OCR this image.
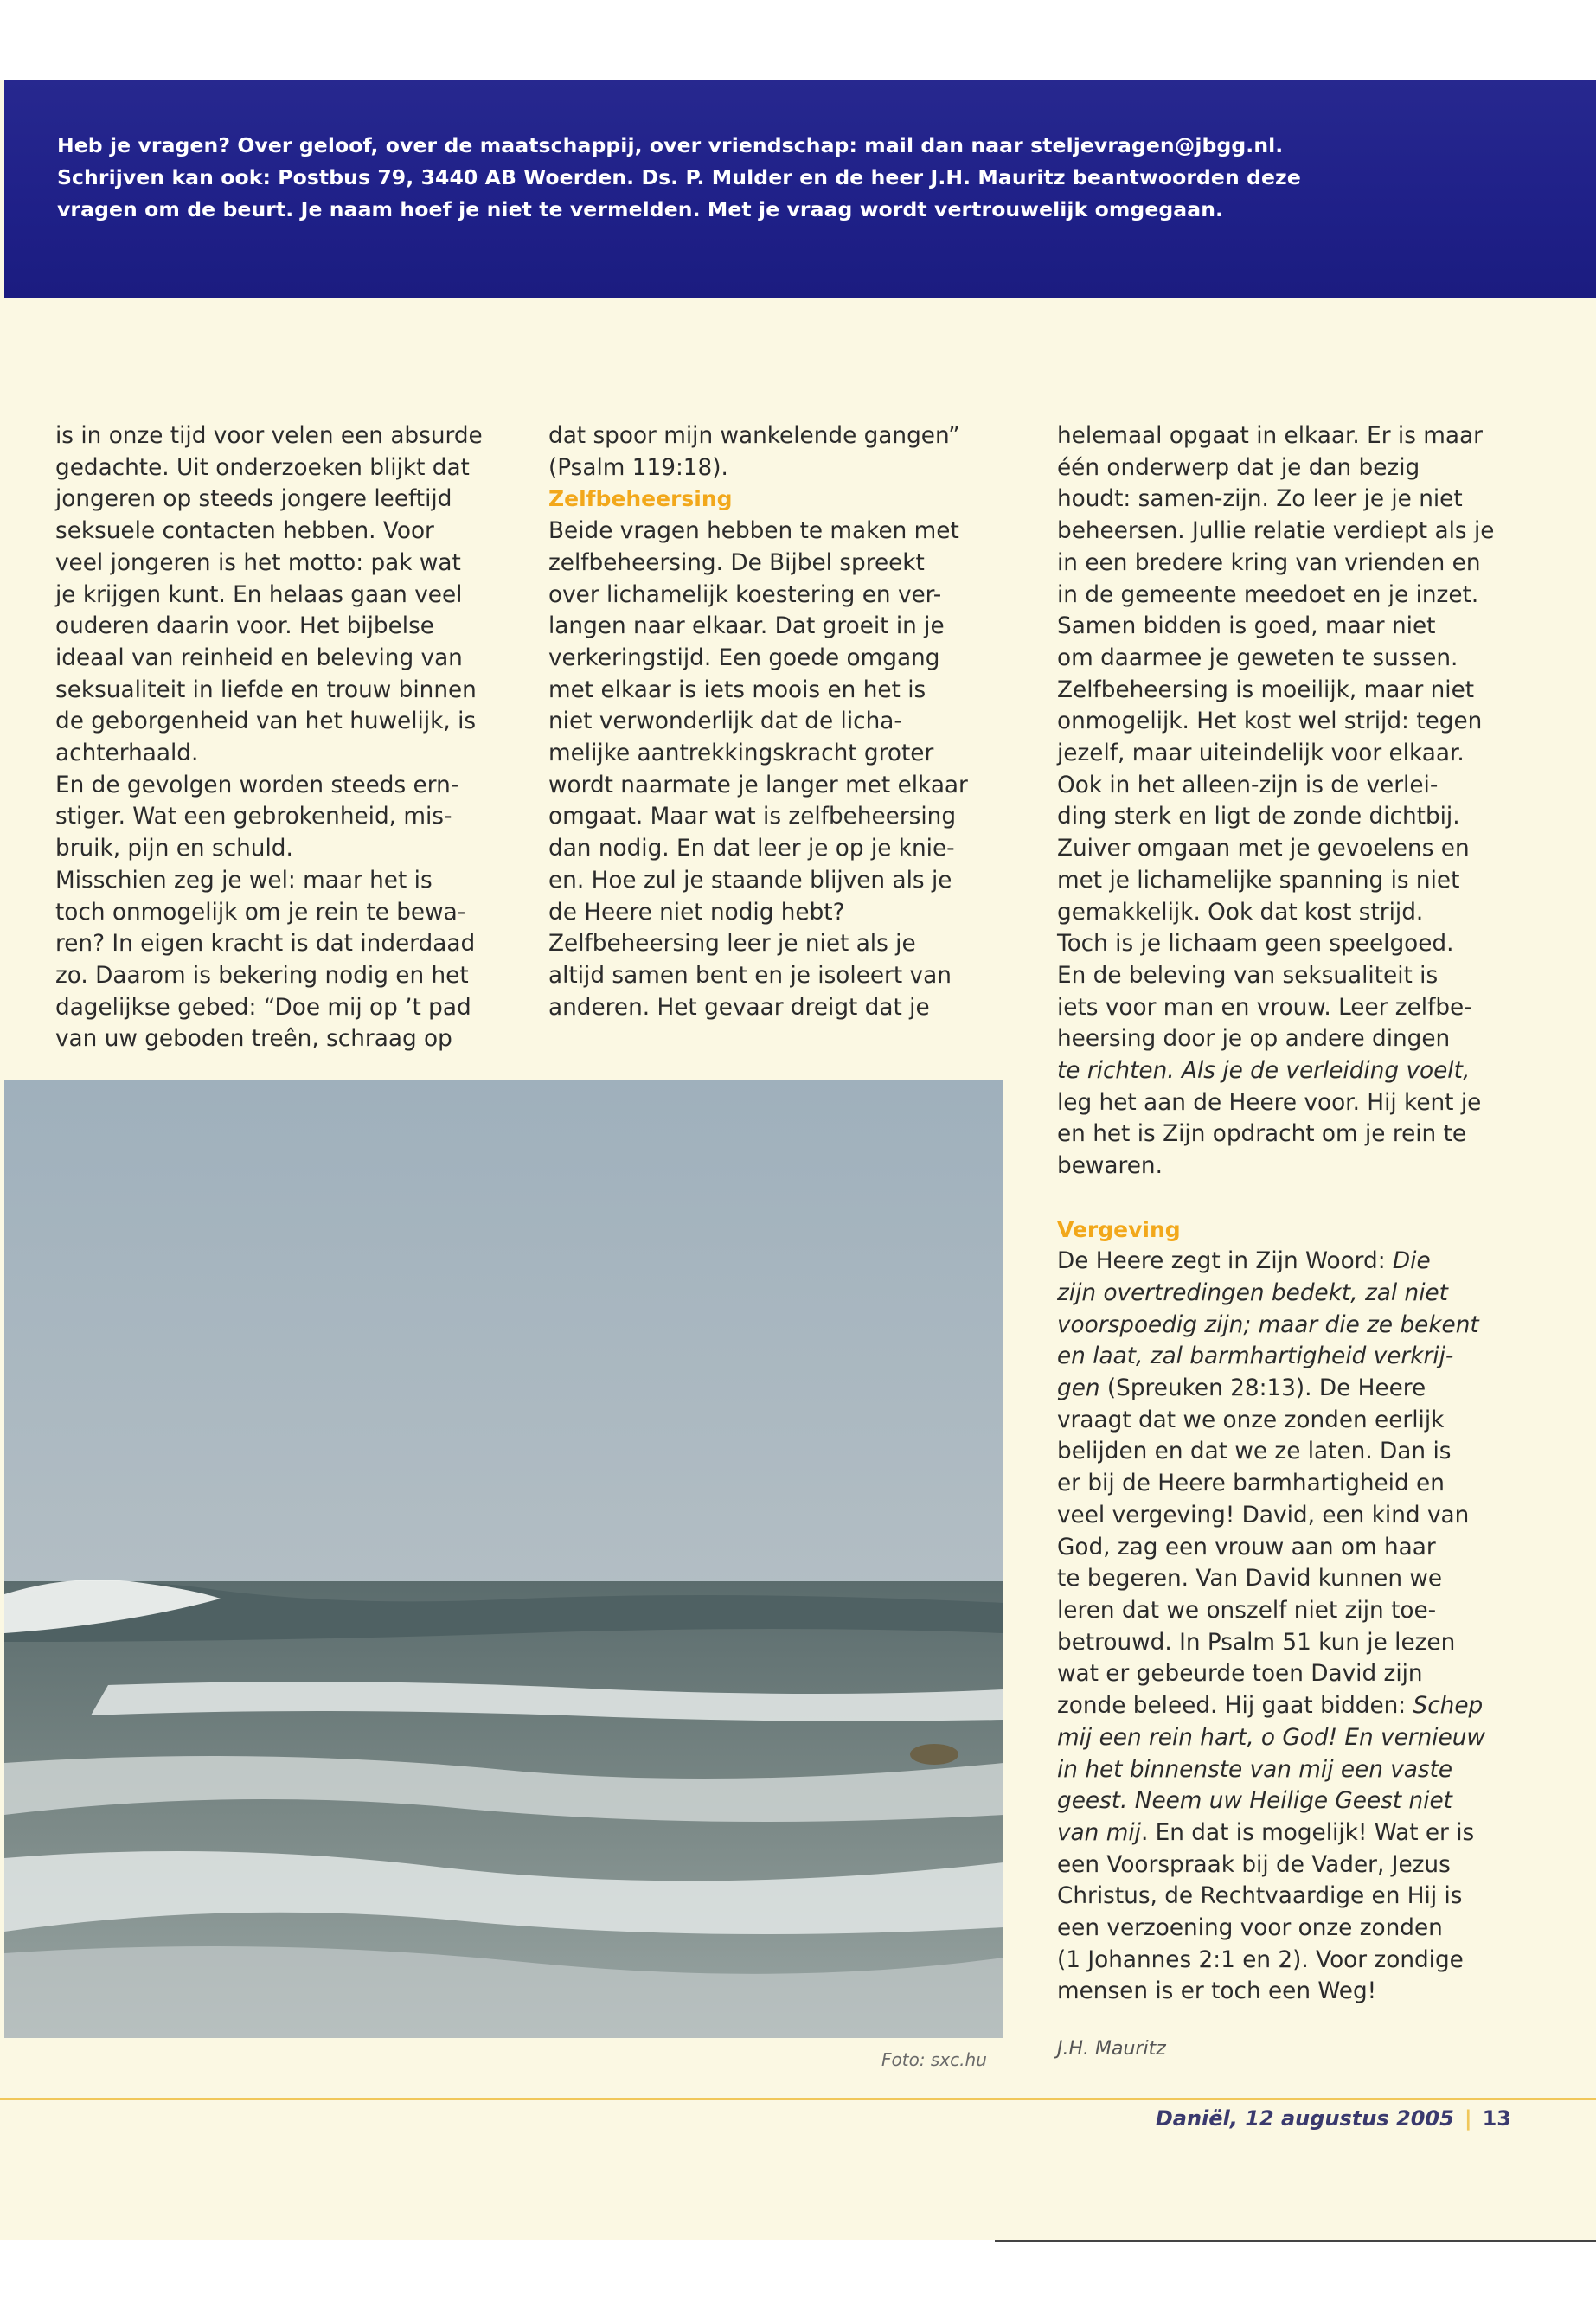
Heb je vragen? Over geloof, over de maatschappij, over vriendschap: mail dan naar steljevragen@jbgg.nl.
Schrijven kan ook: Postbus 79, 3440 AB Woerden. Ds. P. Mulder en de heer J.H. Mauritz beantwoorden deze
vragen om de beurt. Je naam hoef je niet te vermelden. Met je vraag wordt vertrouwelijk omgegaan.

is in onze tijd voor velen een absurde

gedachte. Uit onderzoeken blijkt dat

jongeren op steeds jongere leeftijd

seksuele contacten hebben. Voor

veel jongeren is het motto: pak wat

je krijgen kunt. En helaas gaan veel

ouderen daarin voor. Het bijbelse

ideaal van reinheid en beleving van

seksualiteit in liefde en trouw binnen

de geborgenheid van het huwelijk, is

achterhaald.

En de gevolgen worden steeds ern-

stiger. Wat een gebrokenheid, mis-

bruik, pijn en schuld.

Misschien zeg je wel: maar het is

toch onmogelijk om je rein te bewa-

ren? In eigen kracht is dat inderdaad

zo. Daarom is bekering nodig en het

dagelijkse gebed: “Doe mij op ’t pad

van uw geboden treên, schraag op

dat spoor mijn wankelende gangen”

(Psalm 119:18).

Zelfbeheersing

Beide vragen hebben te maken met

zelfbeheersing. De Bijbel spreekt

over lichamelijk koestering en ver-

langen naar elkaar. Dat groeit in je

verkeringstijd. Een goede omgang

met elkaar is iets moois en het is

niet verwonderlijk dat de licha-

melijke aantrekkingskracht groter

wordt naarmate je langer met elkaar

omgaat. Maar wat is zelfbeheersing

dan nodig. En dat leer je op je knie-

en. Hoe zul je staande blijven als je

de Heere niet nodig hebt?

Zelfbeheersing leer je niet als je

altijd samen bent en je isoleert van

anderen. Het gevaar dreigt dat je

helemaal opgaat in elkaar. Er is maar

één onderwerp dat je dan bezig

houdt: samen-zijn. Zo leer je je niet

beheersen. Jullie relatie verdiept als je

in een bredere kring van vrienden en

in de gemeente meedoet en je inzet.

Samen bidden is goed, maar niet

om daarmee je geweten te sussen.

Zelfbeheersing is moeilijk, maar niet

onmogelijk. Het kost wel strijd: tegen

jezelf, maar uiteindelijk voor elkaar.

Ook in het alleen-zijn is de verlei-

ding sterk en ligt de zonde dichtbij.

Zuiver omgaan met je gevoelens en

met je lichamelijke spanning is niet

gemakkelijk. Ook dat kost strijd.

Toch is je lichaam geen speelgoed.

En de beleving van seksualiteit is

iets voor man en vrouw. Leer zelfbe-

heersing door je op andere dingen

te richten. Als je de verleiding voelt,

leg het aan de Heere voor. Hij kent je

en het is Zijn opdracht om je rein te

bewaren.

Vergeving

De Heere zegt in Zijn Woord: Die

zijn overtredingen bedekt, zal niet

voorspoedig zijn; maar die ze bekent

en laat, zal barmhartigheid verkrij-

gen (Spreuken 28:13). De Heere

vraagt dat we onze zonden eerlijk

belijden en dat we ze laten. Dan is

er bij de Heere barmhartigheid en

veel vergeving! David, een kind van

God, zag een vrouw aan om haar

te begeren. Van David kunnen we

leren dat we onszelf niet zijn toe-

betrouwd. In Psalm 51 kun je lezen

wat er gebeurde toen David zijn

zonde beleed. Hij gaat bidden: Schep

mij een rein hart, o God! En vernieuw

in het binnenste van mij een vaste

geest. Neem uw Heilige Geest niet

van mij. En dat is mogelijk! Wat er is

een Voorspraak bij de Vader, Jezus

Christus, de Rechtvaardige en Hij is

een verzoening voor onze zonden

(1 Johannes 2:1 en 2). Voor zondige

mensen is er toch een Weg!

Foto: sxc.hu	J.H. Mauritz
Daniël, 12 augustus 2005 | 13
